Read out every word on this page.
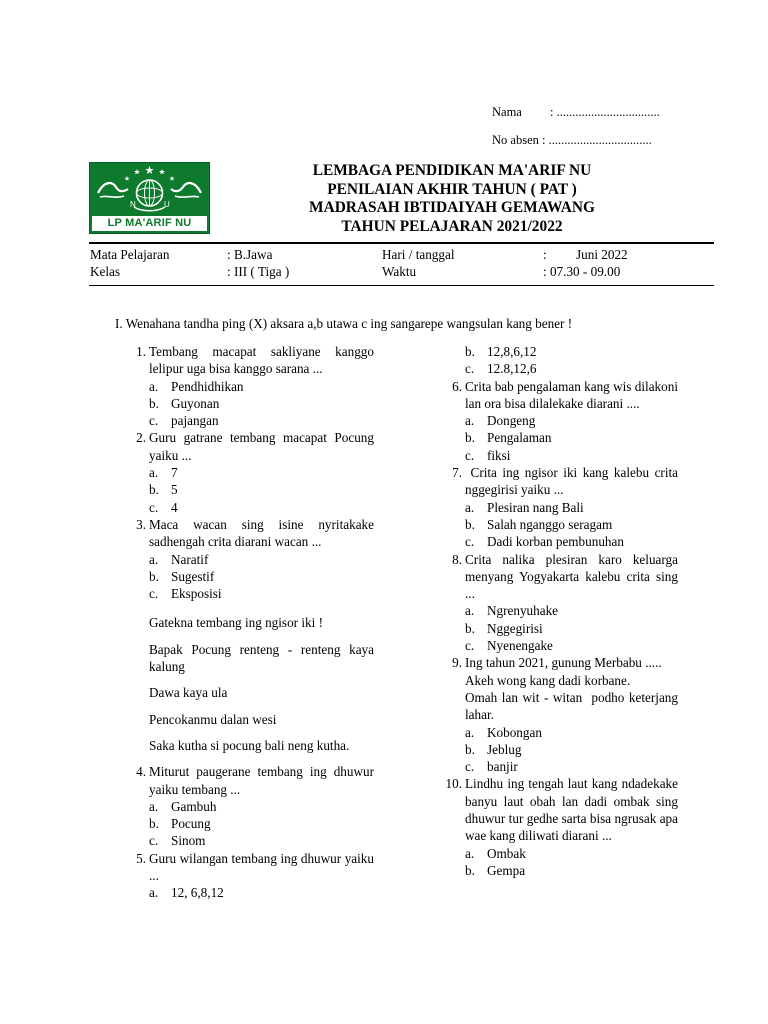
Nama : .................................
No absen : .................................
N	U
LP MA'ARIF NU
LEMBAGA PENDIDIKAN MA'ARIF NU
PENILAIAN AKHIR TAHUN ( PAT )
MADRASAH IBTIDAIYAH GEMAWANG
TAHUN PELAJARAN 2021/2022
Mata Pelajaran	: B.Jawa	Hari / tanggal	: Juni 2022
Kelas	: III ( Tiga )	Waktu	: 07.30 - 09.00
I. Wenahana tandha ping (X) aksara a,b utawa c ing sangarepe wangsulan kang bener !
1. Tembang macapat sakliyane kanggo lelipur uga bisa kanggo sarana ...
a. Pendhidhikan
b. Guyonan
c. pajangan
2. Guru gatrane tembang macapat Pocung yaiku ...
a. 7
b. 5
c. 4
3. Maca wacan sing isine nyritakake sadhengah crita diarani wacan ...
a. Naratif
b. Sugestif
c. Eksposisi
Gatekna tembang ing ngisor iki !
Bapak Pocung renteng - renteng kaya kalung
Dawa kaya ula
Pencokanmu dalan wesi
Saka kutha si pocung bali neng kutha.
4. Miturut paugerane tembang ing dhuwur yaiku tembang ...
a. Gambuh
b. Pocung
c. Sinom
5. Guru wilangan tembang ing dhuwur yaiku ...
a. 12, 6,8,12
b. 12,8,6,12
c. 12.8,12,6
6. Crita bab pengalaman kang wis dilakoni lan ora bisa dilalekake diarani ....
a. Dongeng
b. Pengalaman
c. fiksi
7. Crita ing ngisor iki kang kalebu crita nggegirisi yaiku ...
a. Plesiran nang Bali
b. Salah nganggo seragam
c. Dadi korban pembunuhan
8. Crita nalika plesiran karo keluarga menyang Yogyakarta kalebu crita sing ...
a. Ngrenyuhake
b. Nggegirisi
c. Nyenengake
9. Ing tahun 2021, gunung Merbabu .....
Akeh wong kang dadi korbane.
Omah lan wit - witan  podho keterjang lahar.
a. Kobongan
b. Jeblug
c. banjir
10. Lindhu ing tengah laut kang ndadekake banyu laut obah lan dadi ombak sing dhuwur tur gedhe sarta bisa ngrusak apa wae kang diliwati diarani ...
a. Ombak
b. Gempa
